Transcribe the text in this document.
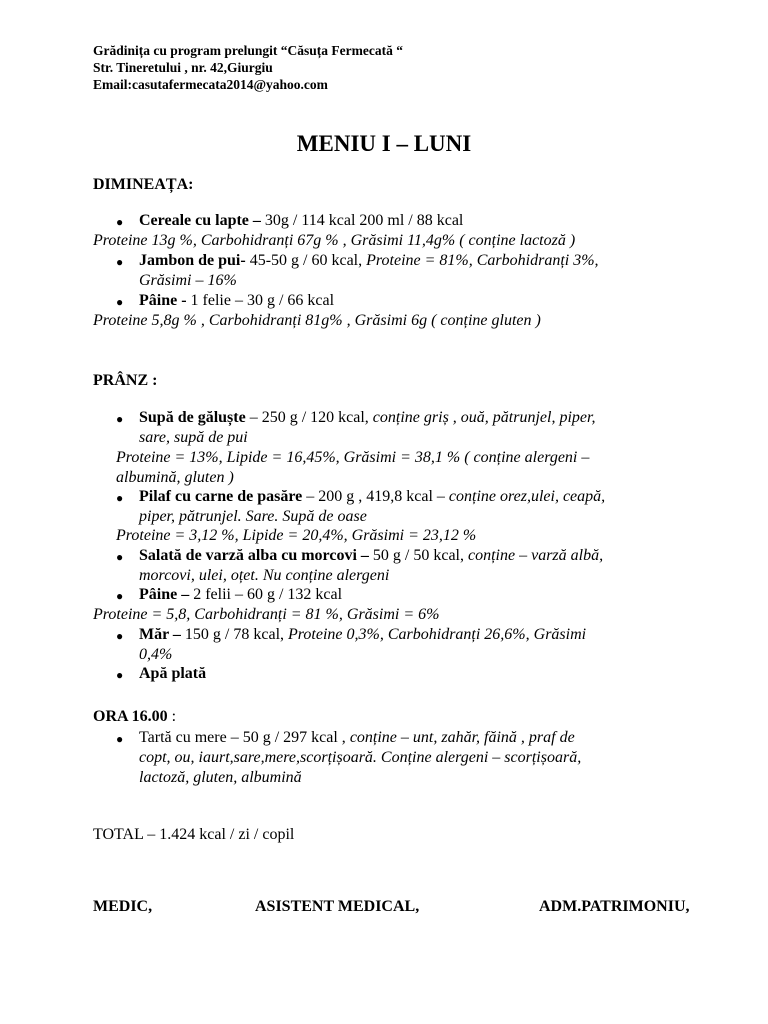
Grădinița cu program prelungit “Căsuța Fermecată “
Str. Tineretului , nr. 42,Giurgiu
Email:casutafermecata2014@yahoo.com
MENIU I – LUNI
DIMINEAȚA:
● Cereale cu lapte – 30g / 114 kcal 200 ml / 88 kcal
Proteine 13g %, Carbohidranți 67g % , Grăsimi 11,4g% ( conține lactoză )
● Jambon de pui- 45-50 g / 60 kcal, Proteine = 81%, Carbohidranți 3%,
Grăsimi – 16%
● Pâine - 1 felie – 30 g / 66 kcal
Proteine 5,8g % , Carbohidranți 81g% , Grăsimi 6g ( conține gluten )
PRÂNZ :
● Supă de găluște – 250 g / 120 kcal, conține griș , ouă, pătrunjel, piper,
sare, supă de pui
Proteine = 13%, Lipide = 16,45%, Grăsimi = 38,1 % ( conține alergeni –
albumină, gluten )
● Pilaf cu carne de pasăre – 200 g , 419,8 kcal – conține orez,ulei, ceapă,
piper, pătrunjel. Sare. Supă de oase
Proteine = 3,12 %, Lipide = 20,4%, Grăsimi = 23,12 %
● Salată de varză alba cu morcovi – 50 g / 50 kcal, conține – varză albă,
morcovi, ulei, oțet. Nu conține alergeni
● Pâine – 2 felii – 60 g / 132 kcal
Proteine = 5,8, Carbohidranți = 81 %, Grăsimi = 6%
● Măr – 150 g / 78 kcal, Proteine 0,3%, Carbohidranți 26,6%, Grăsimi
0,4%
● Apă plată
ORA 16.00 :
● Tartă cu mere – 50 g / 297 kcal , conține – unt, zahăr, făină , praf de
copt, ou, iaurt,sare,mere,scorțișoară. Conține alergeni – scorțișoară,
lactoză, gluten, albumină
TOTAL – 1.424 kcal / zi / copil
MEDIC,	ASISTENT MEDICAL,	ADM.PATRIMONIU,
